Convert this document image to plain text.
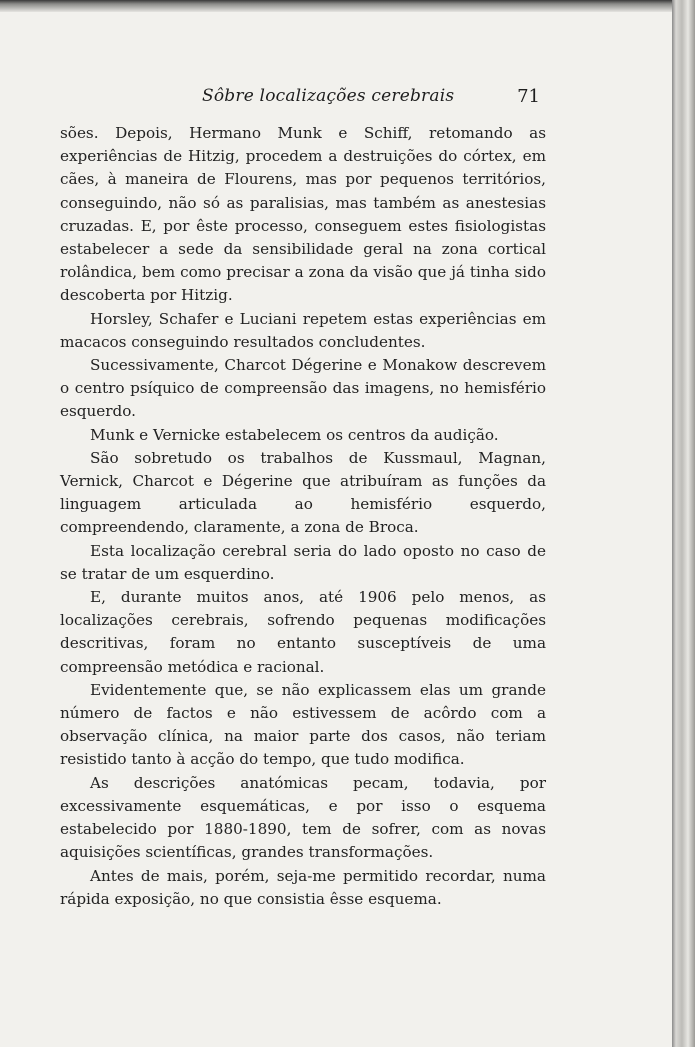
Sôbre localizações cerebrais	71

sões. Depois, Hermano Munk e Schiff, retomando as experiências de Hitzig, procedem a destruições do córtex, em cães, à maneira de Flourens, mas por pequenos territórios, conseguindo, não só as paralisias, mas também as anestesias cruzadas. E, por êste processo, conseguem estes fisiologistas estabelecer a sede da sensibilidade geral na zona cortical rolândica, bem como precisar a zona da visão que já tinha sido descoberta por Hitzig.

Horsley, Schafer e Luciani repetem estas experiências em macacos conseguindo resultados concludentes.

Sucessivamente, Charcot Dégerine e Monakow descrevem o centro psíquico de compreensão das imagens, no hemisfério esquerdo.

Munk e Vernicke estabelecem os centros da audição.

São sobretudo os trabalhos de Kussmaul, Magnan, Vernick, Charcot e Dégerine que atribuíram as funções da linguagem articulada ao hemisfério esquerdo, compreendendo, claramente, a zona de Broca.

Esta localização cerebral seria do lado oposto no caso de se tratar de um esquerdino.

E, durante muitos anos, até 1906 pelo menos, as localizações cerebrais, sofrendo pequenas modificações descritivas, foram no entanto susceptíveis de uma compreensão metódica e racional.

Evidentemente que, se não explicassem elas um grande número de factos e não estivessem de acôrdo com a observação clínica, na maior parte dos casos, não teriam resistido tanto à acção do tempo, que tudo modifica.

As descrições anatómicas pecam, todavia, por excessivamente esquemáticas, e por isso o esquema estabelecido por 1880-1890, tem de sofrer, com as novas aquisições scientíficas, grandes transformações.

Antes de mais, porém, seja-me permitido recordar, numa rápida exposição, no que consistia êsse esquema.
